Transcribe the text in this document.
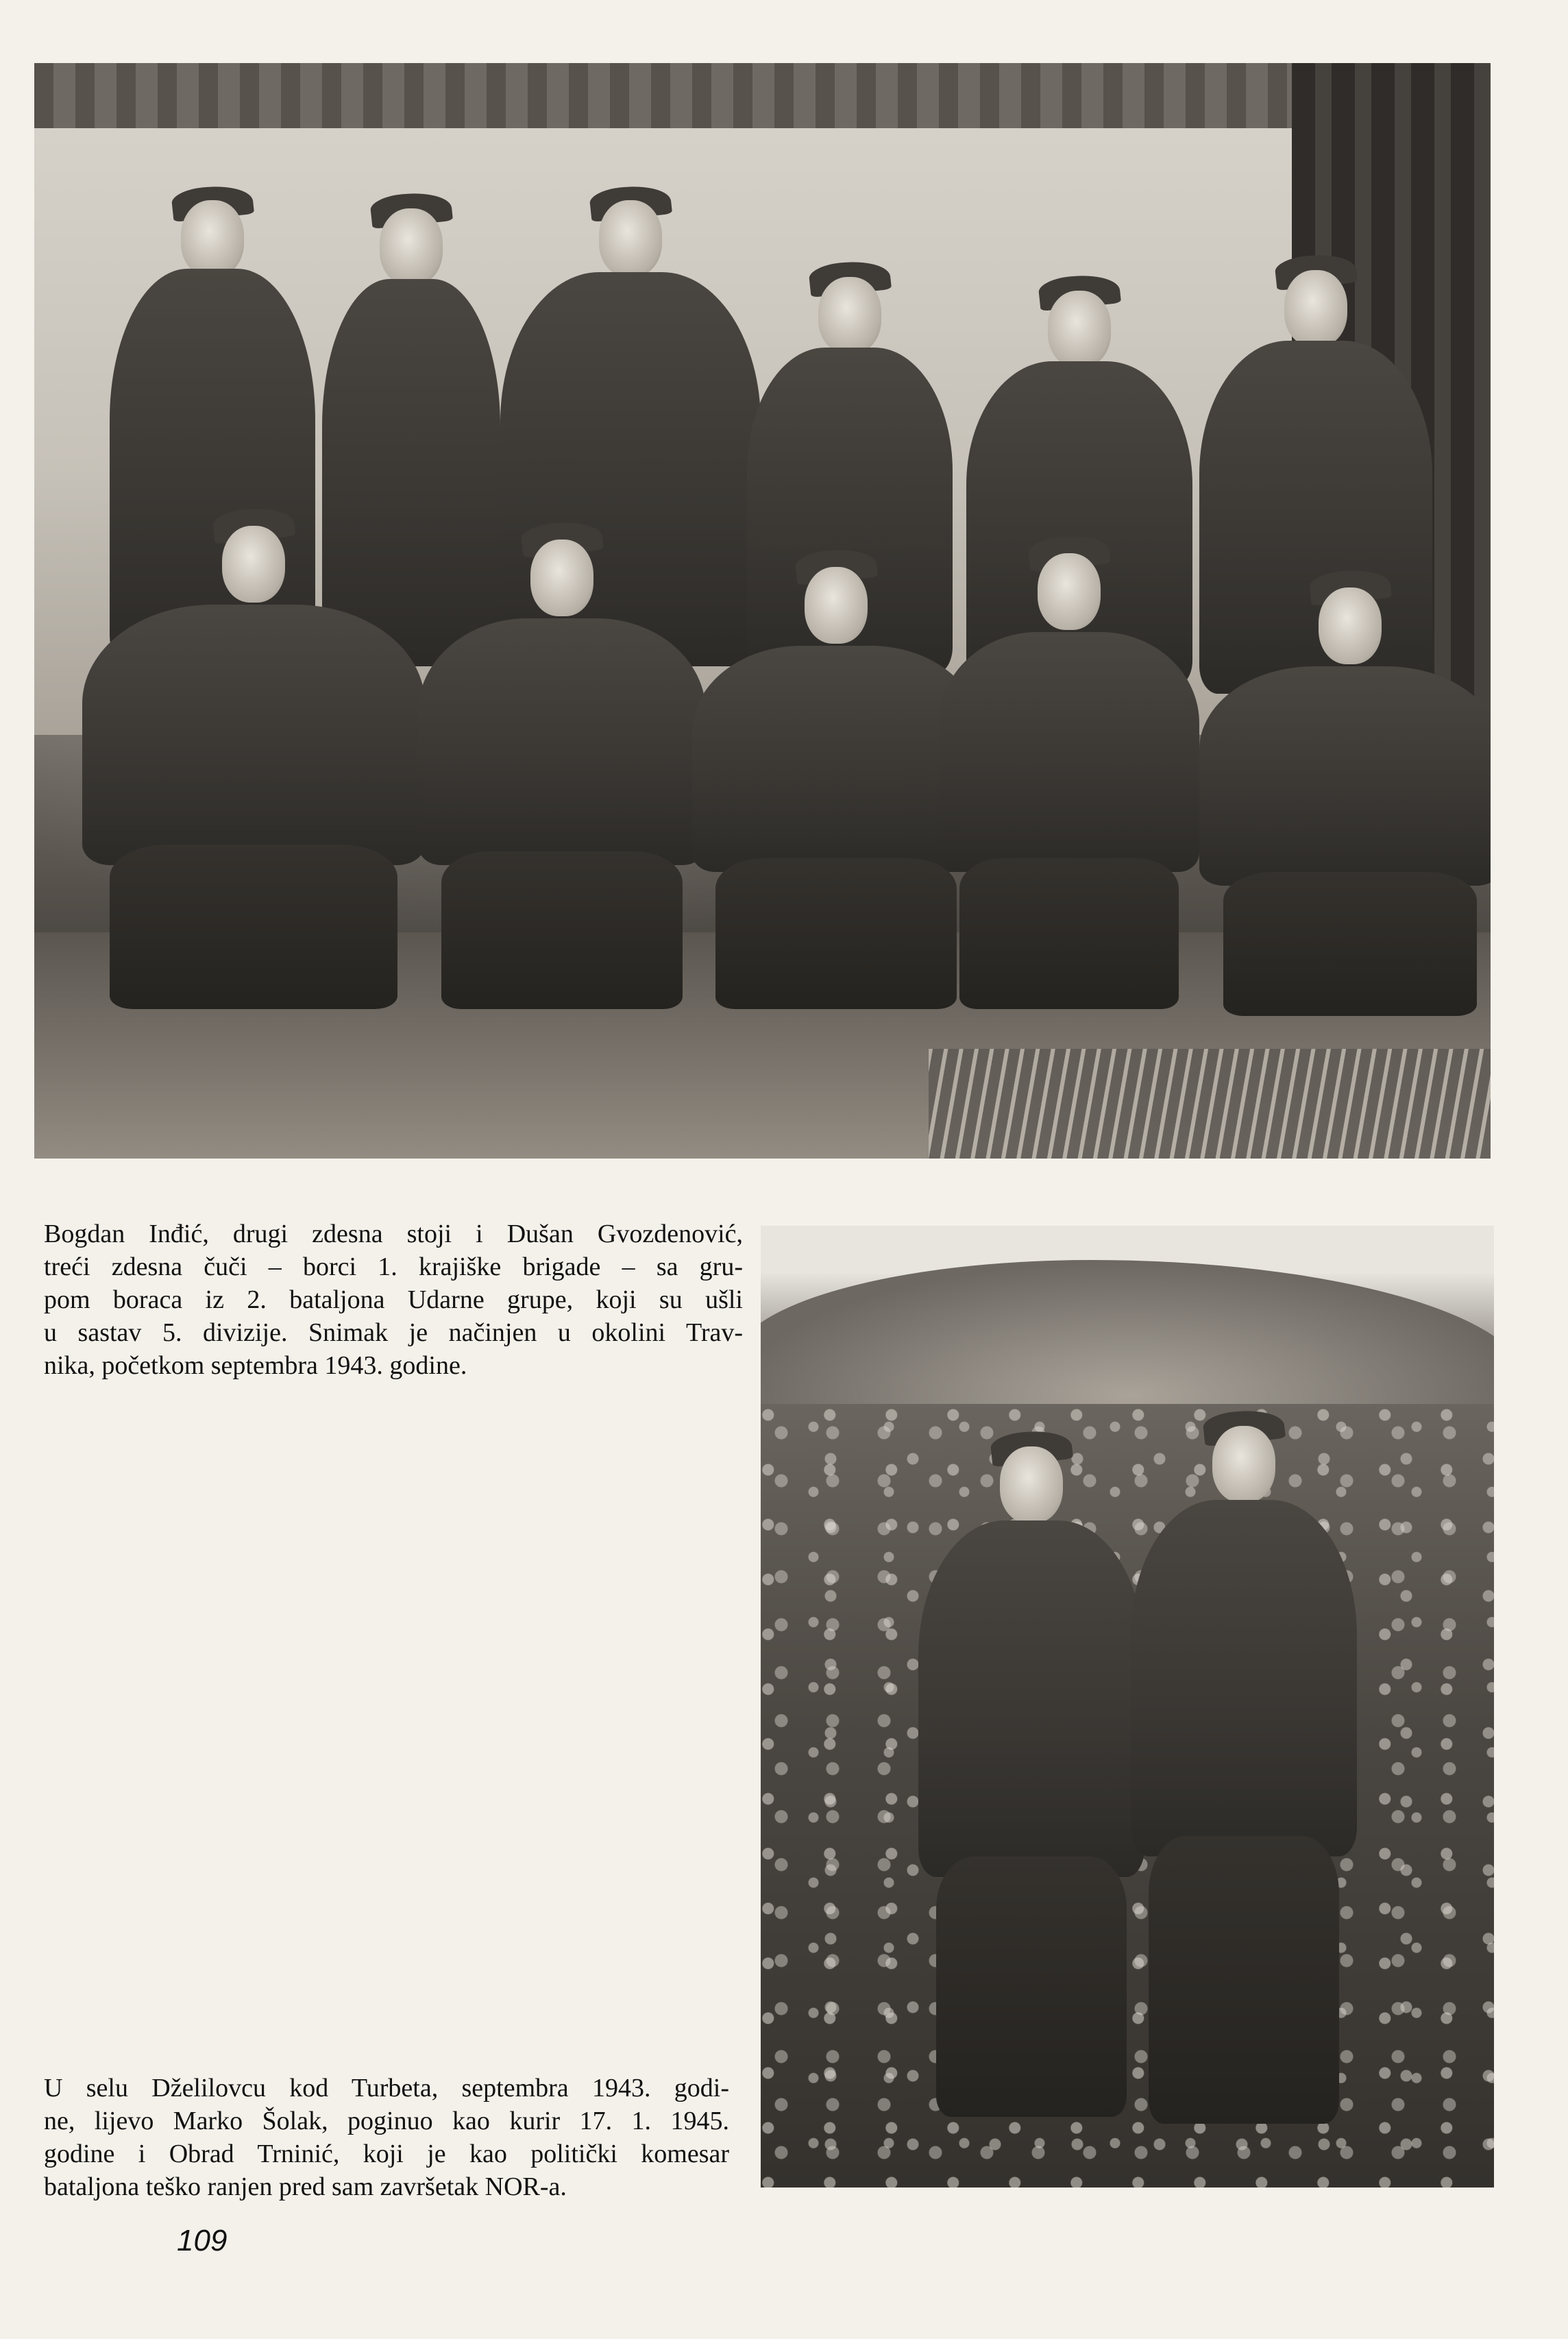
Bogdan Inđić, drugi zdesna stoji i Dušan Gvozdenović,
treći zdesna čuči – borci 1. krajiške brigade – sa gru-
pom boraca iz 2. bataljona Udarne grupe, koji su ušli
u sastav 5. divizije. Snimak je načinjen u okolini Trav-
nika, početkom septembra 1943. godine.
U selu Dželilovcu kod Turbeta, septembra 1943. godi-
ne, lijevo Marko Šolak, poginuo kao kurir 17. 1. 1945.
godine i Obrad Trninić, koji je kao politički komesar
bataljona teško ranjen pred sam završetak NOR-a.
109
